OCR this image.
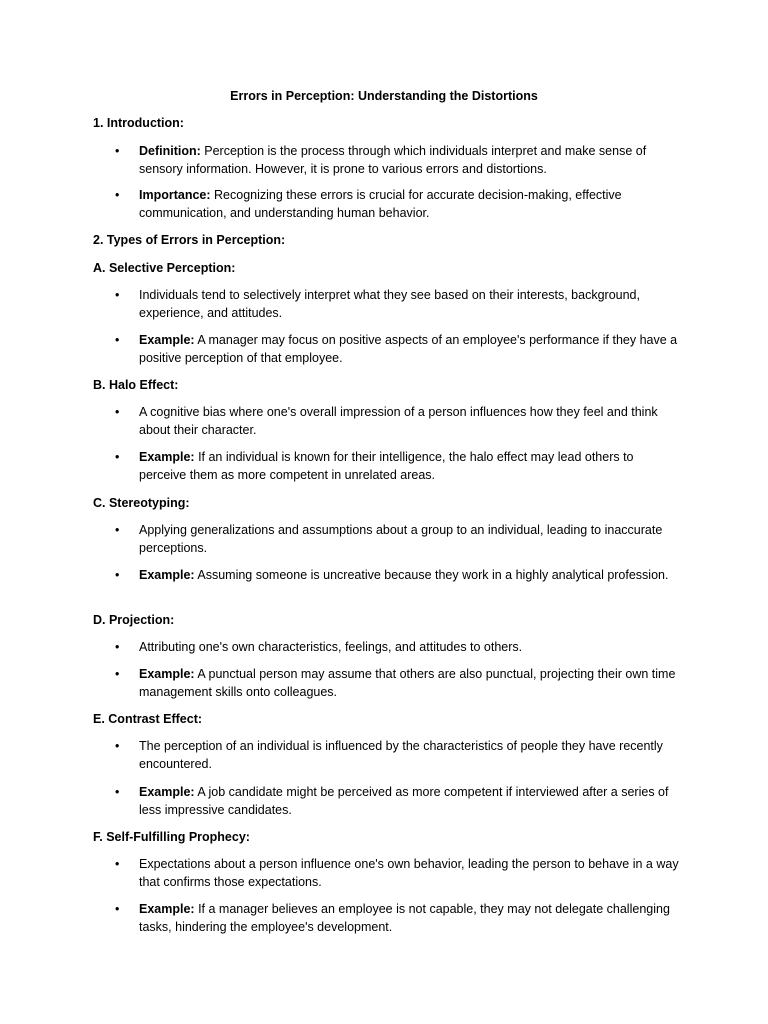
Errors in Perception: Understanding the Distortions
1. Introduction:
• Definition: Perception is the process through which individuals interpret and make sense of sensory information. However, it is prone to various errors and distortions.
• Importance: Recognizing these errors is crucial for accurate decision-making, effective communication, and understanding human behavior.
2. Types of Errors in Perception:
A. Selective Perception:
• Individuals tend to selectively interpret what they see based on their interests, background, experience, and attitudes.
• Example: A manager may focus on positive aspects of an employee's performance if they have a positive perception of that employee.
B. Halo Effect:
• A cognitive bias where one's overall impression of a person influences how they feel and think about their character.
• Example: If an individual is known for their intelligence, the halo effect may lead others to perceive them as more competent in unrelated areas.
C. Stereotyping:
• Applying generalizations and assumptions about a group to an individual, leading to inaccurate perceptions.
• Example: Assuming someone is uncreative because they work in a highly analytical profession.
D. Projection:
• Attributing one's own characteristics, feelings, and attitudes to others.
• Example: A punctual person may assume that others are also punctual, projecting their own time management skills onto colleagues.
E. Contrast Effect:
• The perception of an individual is influenced by the characteristics of people they have recently encountered.
• Example: A job candidate might be perceived as more competent if interviewed after a series of less impressive candidates.
F. Self-Fulfilling Prophecy:
• Expectations about a person influence one's own behavior, leading the person to behave in a way that confirms those expectations.
• Example: If a manager believes an employee is not capable, they may not delegate challenging tasks, hindering the employee's development.
